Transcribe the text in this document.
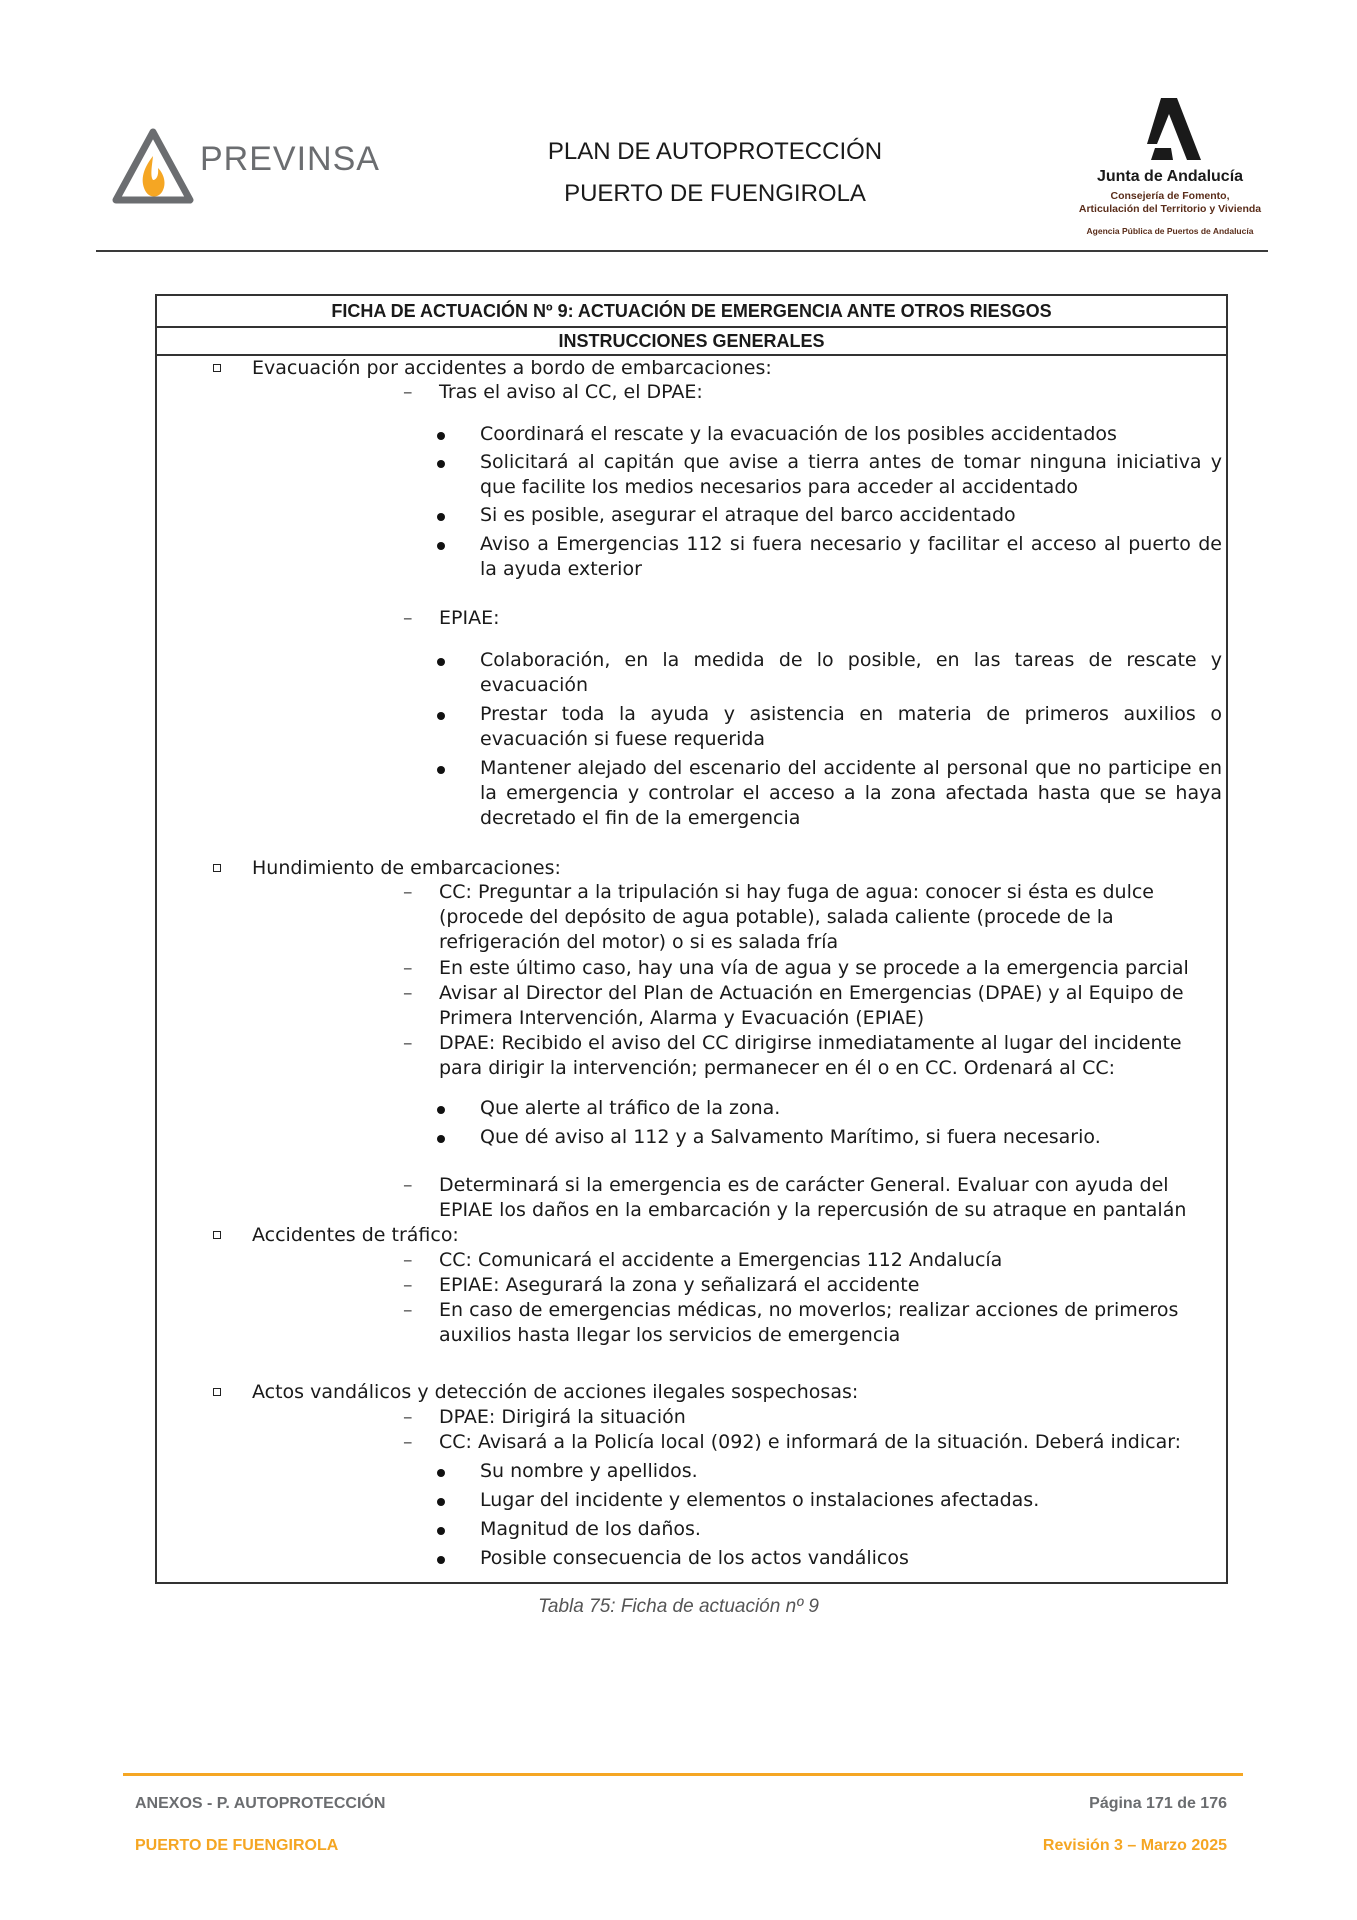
PREVINSA	PLAN DE AUTOPROTECCIÓN
PUERTO DE FUENGIROLA
Junta de Andalucía
Consejería de Fomento,
Articulación del Territorio y Vivienda
Agencia Pública de Puertos de Andalucía
FICHA DE ACTUACIÓN Nº 9: ACTUACIÓN DE EMERGENCIA ANTE OTROS RIESGOS
INSTRUCCIONES GENERALES
Evacuación por accidentes a bordo de embarcaciones:
– Tras el aviso al CC, el DPAE:
Coordinará el rescate y la evacuación de los posibles accidentados
Solicitará al capitán que avise a tierra antes de tomar ninguna iniciativa y que facilite los medios necesarios para acceder al accidentado
Si es posible, asegurar el atraque del barco accidentado
Aviso a Emergencias 112 si fuera necesario y facilitar el acceso al puerto de la ayuda exterior
– EPIAE:
Colaboración, en la medida de lo posible, en las tareas de rescate y evacuación
Prestar toda la ayuda y asistencia en materia de primeros auxilios o evacuación si fuese requerida
Mantener alejado del escenario del accidente al personal que no participe en la emergencia y controlar el acceso a la zona afectada hasta que se haya decretado el fin de la emergencia
Hundimiento de embarcaciones:
– CC: Preguntar a la tripulación si hay fuga de agua: conocer si ésta es dulce (procede del depósito de agua potable), salada caliente (procede de la refrigeración del motor) o si es salada fría
– En este último caso, hay una vía de agua y se procede a la emergencia parcial
– Avisar al Director del Plan de Actuación en Emergencias (DPAE) y al Equipo de Primera Intervención, Alarma y Evacuación (EPIAE)
– DPAE: Recibido el aviso del CC dirigirse inmediatamente al lugar del incidente para dirigir la intervención; permanecer en él o en CC. Ordenará al CC:
Que alerte al tráfico de la zona.
Que dé aviso al 112 y a Salvamento Marítimo, si fuera necesario.
– Determinará si la emergencia es de carácter General. Evaluar con ayuda del EPIAE los daños en la embarcación y la repercusión de su atraque en pantalán
Accidentes de tráfico:
– CC: Comunicará el accidente a Emergencias 112 Andalucía
– EPIAE: Asegurará la zona y señalizará el accidente
– En caso de emergencias médicas, no moverlos; realizar acciones de primeros auxilios hasta llegar los servicios de emergencia
Actos vandálicos y detección de acciones ilegales sospechosas:
– DPAE: Dirigirá la situación
– CC: Avisará a la Policía local (092) e informará de la situación. Deberá indicar:
Su nombre y apellidos.
Lugar del incidente y elementos o instalaciones afectadas.
Magnitud de los daños.
Posible consecuencia de los actos vandálicos
Tabla 75: Ficha de actuación nº 9
ANEXOS - P. AUTOPROTECCIÓN	Página 171 de 176
PUERTO DE FUENGIROLA	Revisión 3 – Marzo 2025
